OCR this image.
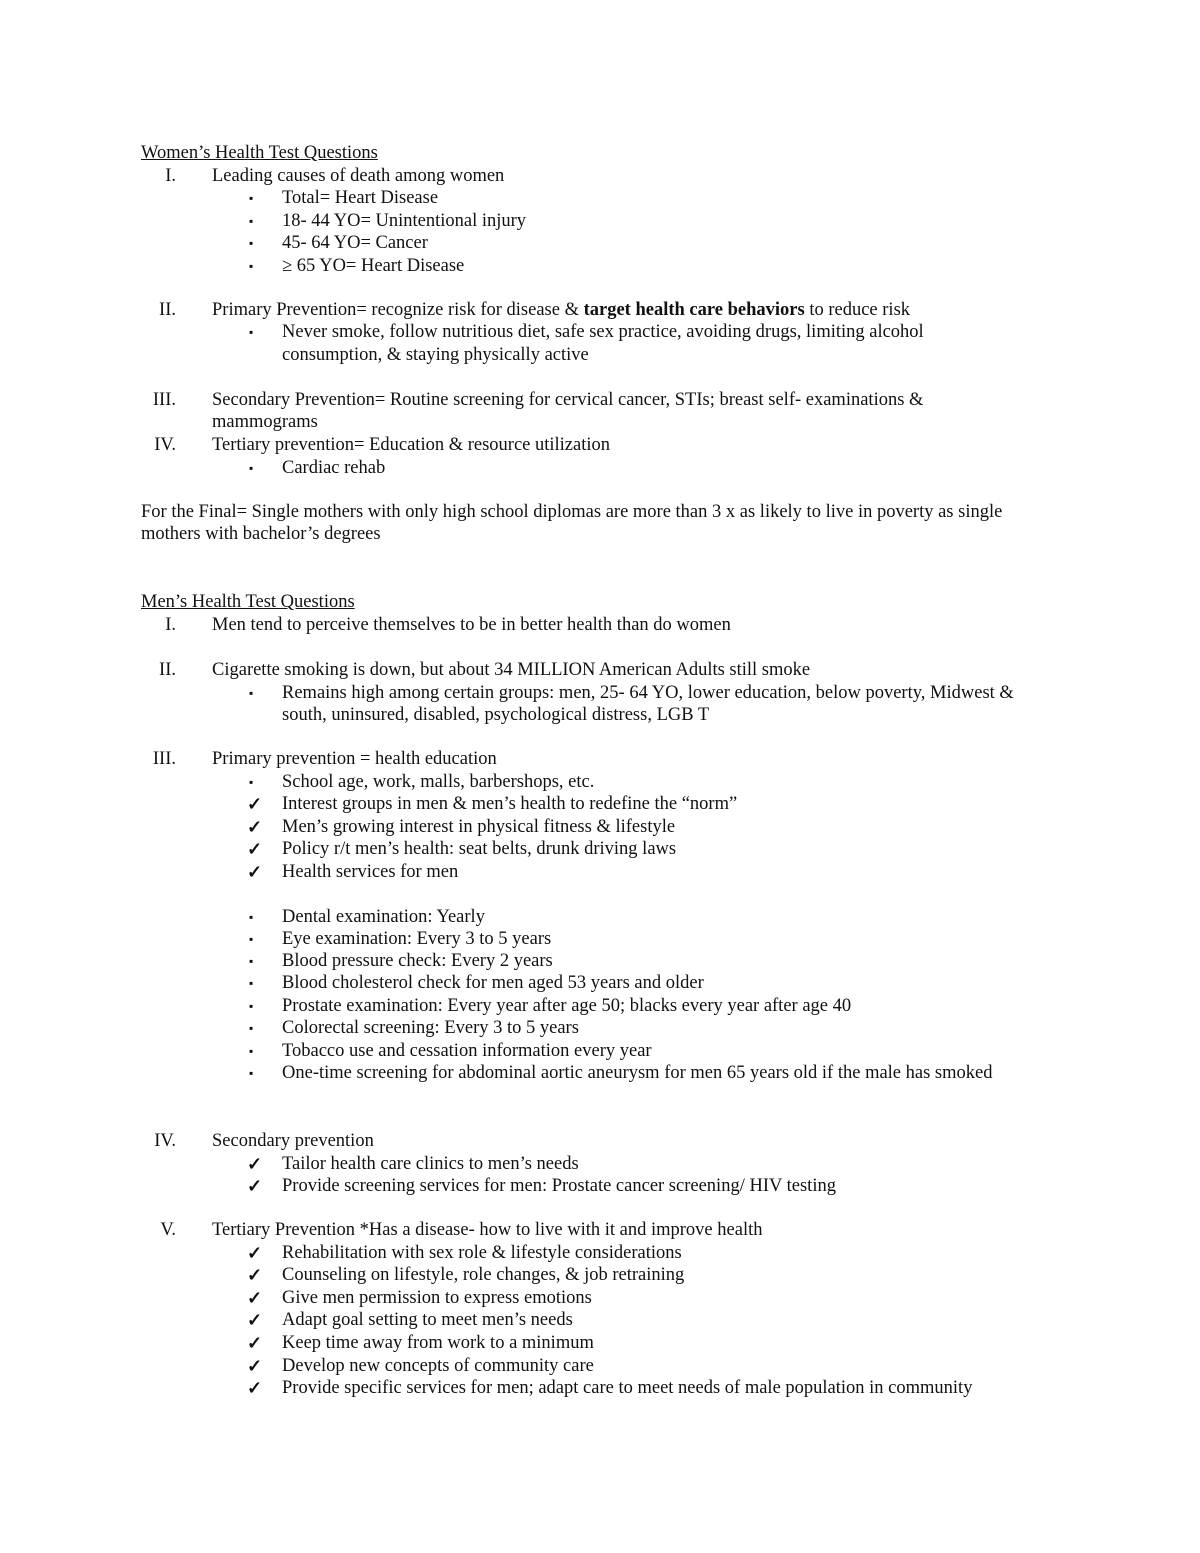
Women’s Health Test Questions
I. Leading causes of death among women
▪
Total= Heart Disease
▪
18- 44 YO= Unintentional injury
▪
45- 64 YO= Cancer
▪
≥ 65 YO= Heart Disease
II. Primary Prevention= recognize risk for disease & target health care behaviors to reduce risk
▪
Never smoke, follow nutritious diet, safe sex practice, avoiding drugs, limiting alcohol
consumption, & staying physically active
III. Secondary Prevention= Routine screening for cervical cancer, STIs; breast self- examinations &
mammograms
IV. Tertiary prevention= Education & resource utilization
▪
Cardiac rehab
For the Final= Single mothers with only high school diplomas are more than 3 x as likely to live in poverty as single
mothers with bachelor’s degrees
Men’s Health Test Questions
I. Men tend to perceive themselves to be in better health than do women
II. Cigarette smoking is down, but about 34 MILLION American Adults still smoke
▪
Remains high among certain groups: men, 25- 64 YO, lower education, below poverty, Midwest &
south, uninsured, disabled, psychological distress, LGB T
III. Primary prevention = health education
▪
School age, work, malls, barbershops, etc.
✓
Interest groups in men & men’s health to redefine the “norm”
✓
Men’s growing interest in physical fitness & lifestyle
✓
Policy r/t men’s health: seat belts, drunk driving laws
✓
Health services for men
▪
Dental examination: Yearly
▪
Eye examination: Every 3 to 5 years
▪
Blood pressure check: Every 2 years
▪
Blood cholesterol check for men aged 53 years and older
▪
Prostate examination: Every year after age 50; blacks every year after age 40
▪
Colorectal screening: Every 3 to 5 years
▪
Tobacco use and cessation information every year
▪
One-time screening for abdominal aortic aneurysm for men 65 years old if the male has smoked
IV. Secondary prevention
✓
Tailor health care clinics to men’s needs
✓
Provide screening services for men: Prostate cancer screening/ HIV testing
V. Tertiary Prevention *Has a disease- how to live with it and improve health
✓
Rehabilitation with sex role & lifestyle considerations
✓
Counseling on lifestyle, role changes, & job retraining
✓
Give men permission to express emotions
✓
Adapt goal setting to meet men’s needs
✓
Keep time away from work to a minimum
✓
Develop new concepts of community care
✓
Provide specific services for men; adapt care to meet needs of male population in community
